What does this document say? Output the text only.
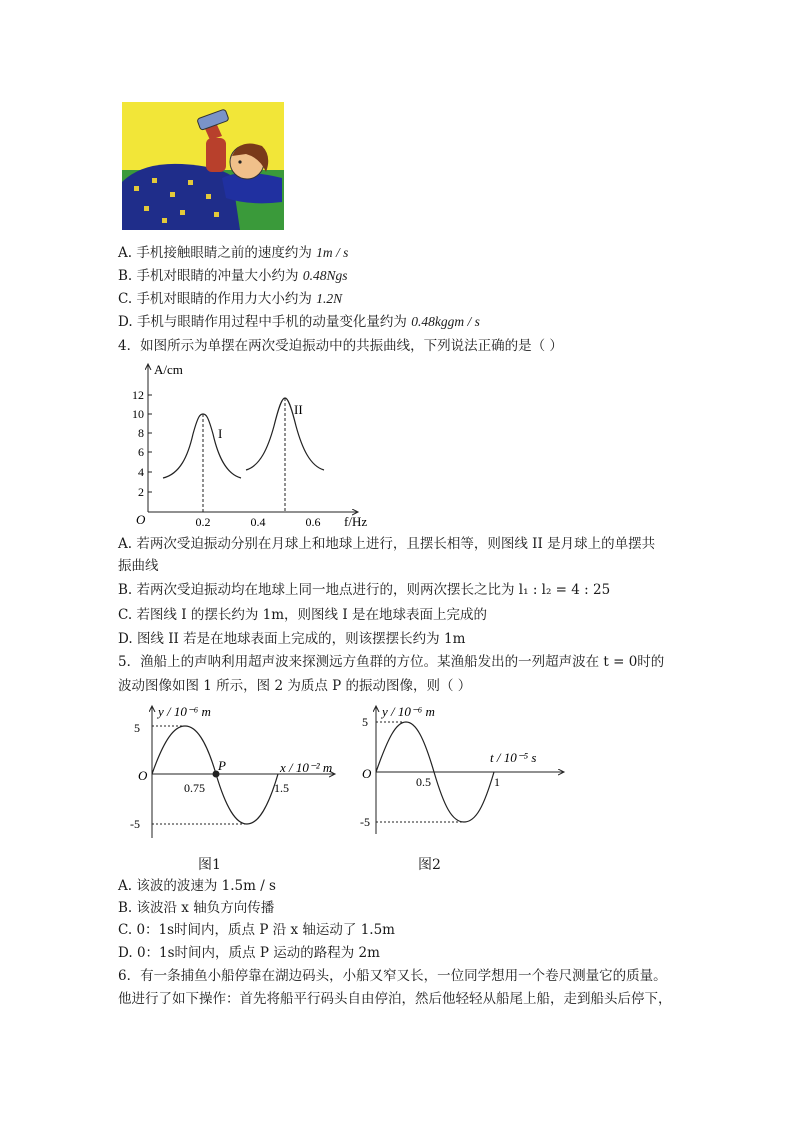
A. 手机接触眼睛之前的速度约为 1m / s
B. 手机对眼睛的冲量大小约为 0.48Ngs
C. 手机对眼睛的作用力大小约为 1.2N
D. 手机与眼睛作用过程中手机的动量变化量约为 0.48kggm / s
4．如图所示为单摆在两次受迫振动中的共振曲线，下列说法正确的是（ ）
O
A/cm
f/Hz
2
4
6
8
10
12
0.2	0.4	0.6
I
II
A. 若两次受迫振动分别在月球上和地球上进行，且摆长相等，则图线 II 是月球上的单摆共
振曲线
B. 若两次受迫振动均在地球上同一地点进行的，则两次摆长之比为 l₁ : l₂ = 4 : 25
C. 若图线 I 的摆长约为 1m，则图线 I 是在地球表面上完成的
D. 图线 II 若是在地球表面上完成的，则该摆摆长约为 1m
5．渔船上的声呐利用超声波来探测远方鱼群的方位。某渔船发出的一列超声波在 t = 0时的
波动图像如图 1 所示，图 2 为质点 P 的振动图像，则（ ）
O
y / 10⁻⁶ m
x / 10⁻² m
5
-5
P
0.75	1.5
图1
O
y / 10⁻⁶ m
t / 10⁻⁵ s
5
-5
0.5	1
图2
A. 该波的波速为 1.5m / s
B. 该波沿 x 轴负方向传播
C. 0：1s时间内，质点 P 沿 x 轴运动了 1.5m
D. 0：1s时间内，质点 P 运动的路程为 2m
6．有一条捕鱼小船停靠在湖边码头，小船又窄又长，一位同学想用一个卷尺测量它的质量。
他进行了如下操作：首先将船平行码头自由停泊，然后他轻轻从船尾上船，走到船头后停下，
